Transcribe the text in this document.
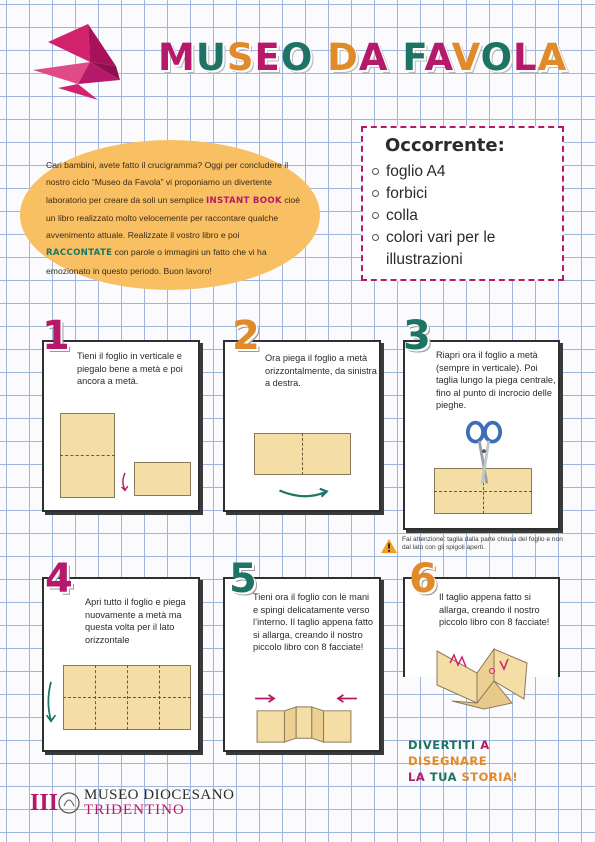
MUSEO DA FAVOLA
Cari bambini, avete fatto il crucigramma? Oggi per concludere il nostro ciclo “Museo da Favola” vi proponiamo un divertente laboratorio per creare da soli un semplice INSTANT BOOK cioè un libro realizzato molto velocemente per raccontare qualche avvenimento attuale. Realizzate il vostro libro e poi RACCONTATE con parole o immagini un fatto che vi ha emozionato in questo periodo. Buon lavoro!
Occorrente:
foglio A4
forbici
colla
colori vari per le illustrazioni
1 Tieni il foglio in verticale e piegalo bene a metà e poi ancora a metà.
2 Ora piega il foglio a metà orizzontalmente, da sinistra a destra.
3 Riapri ora il foglio a metà (sempre in verticale). Poi taglia lungo la piega centrale, fino al punto di incrocio delle pieghe.
Fai attenzione: taglia dalla parte chiusa del foglio e non dal lato con gli spigoli aperti.
4 Apri tutto il foglio e piega nuovamente a metà ma questa volta per il lato orizzontale
5
Tieni ora il foglio con le mani e spingi delicatamente verso l’interno. Il taglio appena fatto si allarga, creando il nostro piccolo libro con 8 facciate!
6 Il taglio appena fatto si allarga, creando il nostro piccolo libro con 8 facciate!
DIVERTITI A DISEGNARE
LA TUA STORIA!
III MUSEO DIOCESANO
TRIDENTINO
